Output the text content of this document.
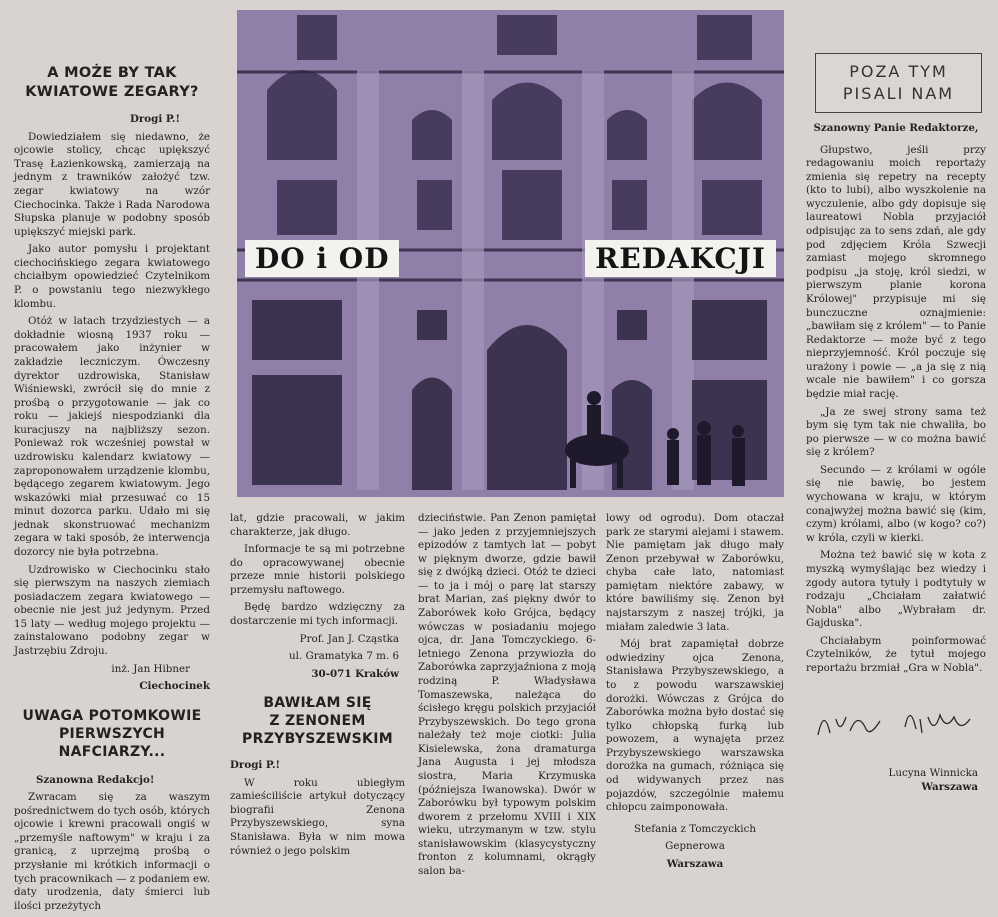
A MOŻE BY TAK
KWIATOWE ZEGARY?

Drogi P.!

Dowiedziałem się niedawno, że ojcowie stolicy, chcąc upiększyć Trasę Łazienkowską, zamierzają na jednym z trawników założyć tzw. zegar kwiatowy na wzór Ciechocinka. Także i Rada Narodowa Słupska planuje w podobny sposób upiększyć miejski park.

Jako autor pomysłu i projektant ciechocińskiego zegara kwiatowego chciałbym opowiedzieć Czytelnikom P. o powstaniu tego niezwykłego klombu.

Otóż w latach trzydziestych — a dokładnie wiosną 1937 roku — pracowałem jako inżynier w zakładzie leczniczym. Ówczesny dyrektor uzdrowiska, Stanisław Wiśniewski, zwrócił się do mnie z prośbą o przygotowanie — jak co roku — jakiejś niespodzianki dla kuracjuszy na najbliższy sezon. Ponieważ rok wcześniej powstał w uzdrowisku kalendarz kwiatowy — zaproponowałem urządzenie klombu, będącego zegarem kwiatowym. Jego wskazówki miał przesuwać co 15 minut dozorca parku. Udało mi się jednak skonstruować mechanizm zegara w taki sposób, że interwencja dozorcy nie była potrzebna.

Uzdrowisko w Ciechocinku stało się pierwszym na naszych ziemiach posiadaczem zegara kwiatowego — obecnie nie jest już jedynym. Przed 15 laty — według mojego projektu — zainstalowano podobny zegar w Jastrzębiu Zdroju.

inż. Jan Hibner

Ciechocinek

UWAGA POTOMKOWIE
PIERWSZYCH
NAFCIARZY...

Szanowna Redakcjo!

Zwracam się za waszym pośrednictwem do tych osób, których ojcowie i krewni pracowali ongiś w „przemyśle naftowym" w kraju i za granicą, z uprzejmą prośbą o przysłanie mi krótkich informacji o tych pracownikach — z podaniem ew. daty urodzenia, daty śmierci lub ilości przeżytych

DO i OD	REDAKCJI

lat, gdzie pracowali, w jakim charakterze, jak długo.

Informacje te są mi potrzebne do opracowywanej obecnie przeze mnie historii polskiego przemysłu naftowego.

Będę bardzo wdzięczny za dostarczenie mi tych informacji.

Prof. Jan J. Cząstka

ul. Gramatyka 7 m. 6

30-071 Kraków

BAWIŁAM SIĘ
Z ZENONEM
PRZYBYSZEWSKIM

Drogi P.!

W roku ubiegłym zamieściliście artykuł dotyczący biografii Zenona Przybyszewskiego, syna Stanisława. Była w nim mowa również o jego polskim

dzieciństwie. Pan Zenon pamiętał — jako jeden z przyjemniejszych epizodów z tamtych lat — pobyt w pięknym dworze, gdzie bawił się z dwójką dzieci. Otóż te dzieci — to ja i mój o parę lat starszy brat Marian, zaś piękny dwór to Zaborówek koło Grójca, będący wówczas w posiadaniu mojego ojca, dr. Jana Tomczyckiego. 6-letniego Zenona przywiozła do Zaborówka zaprzyjaźniona z moją rodziną P. Władysława Tomaszewska, należąca do ścisłego kręgu polskich przyjaciół Przybyszewskich. Do tego grona należały też moje ciotki: Julia Kisielewska, żona dramaturga Jana Augusta i jej młodsza siostra, Maria Krzymuska (późniejsza Iwanowska). Dwór w Zaborówku był typowym polskim dworem z przełomu XVIII i XIX wieku, utrzymanym w tzw. stylu stanisławowskim (klasycystyczny fronton z kolumnami, okrągły salon ba-

lowy od ogrodu). Dom otaczał park ze starymi alejami i stawem. Nie pamiętam jak długo mały Zenon przebywał w Zaborówku, chyba całe lato, natomiast pamiętam niektóre zabawy, w które bawiliśmy się. Zenon był najstarszym z naszej trójki, ja miałam zaledwie 3 lata.

Mój brat zapamiętał dobrze odwiedziny ojca Zenona, Stanisława Przybyszewskiego, a to z powodu warszawskiej dorożki. Wówczas z Grójca do Zaborówka można było dostać się tylko chłopską furką lub powozem, a wynajęta przez Przybyszewskiego warszawska dorożka na gumach, różniąca się od widywanych przez nas pojazdów, szczególnie małemu chłopcu zaimponowała.

Stefania z Tomczyckich

Gepnerowa

Warszawa

POZA TYM
PISALI NAM

Szanowny Panie Redaktorze,

Głupstwo, jeśli przy redagowaniu moich reportaży zmienia się repetry na recepty (kto to lubi), albo wyszkolenie na wyczulenie, albo gdy dopisuje się laureatowi Nobla przyjaciół odpisując za to sens zdań, ale gdy pod zdjęciem Króla Szwecji zamiast mojego skromnego podpisu „ja stoję, król siedzi, w pierwszym planie korona Królowej" przypisuje mi się bunczuczne oznajmienie: „bawiłam się z królem" — to Panie Redaktorze — może być z tego nieprzyjemność. Król poczuje się urażony i powie — „a ja się z nią wcale nie bawiłem" i co gorsza będzie miał rację.

„Ja ze swej strony sama też bym się tym tak nie chwaliła, bo po pierwsze — w co można bawić się z królem?

Secundo — z królami w ogóle się nie bawię, bo jestem wychowana w kraju, w którym conajwyżej można bawić się (kim, czym) królami, albo (w kogo? co?) w króla, czyli w kierki.

Można też bawić się w kota z myszką wymyślając bez wiedzy i zgody autora tytuły i podtytuły w rodzaju „Chciałam załatwić Nobla" albo „Wybrałam dr. Gajduska".

Chciałabym poinformować Czytelników, że tytuł mojego reportażu brzmiał „Gra w Nobla".

Lucyna Winnicka

Warszawa
